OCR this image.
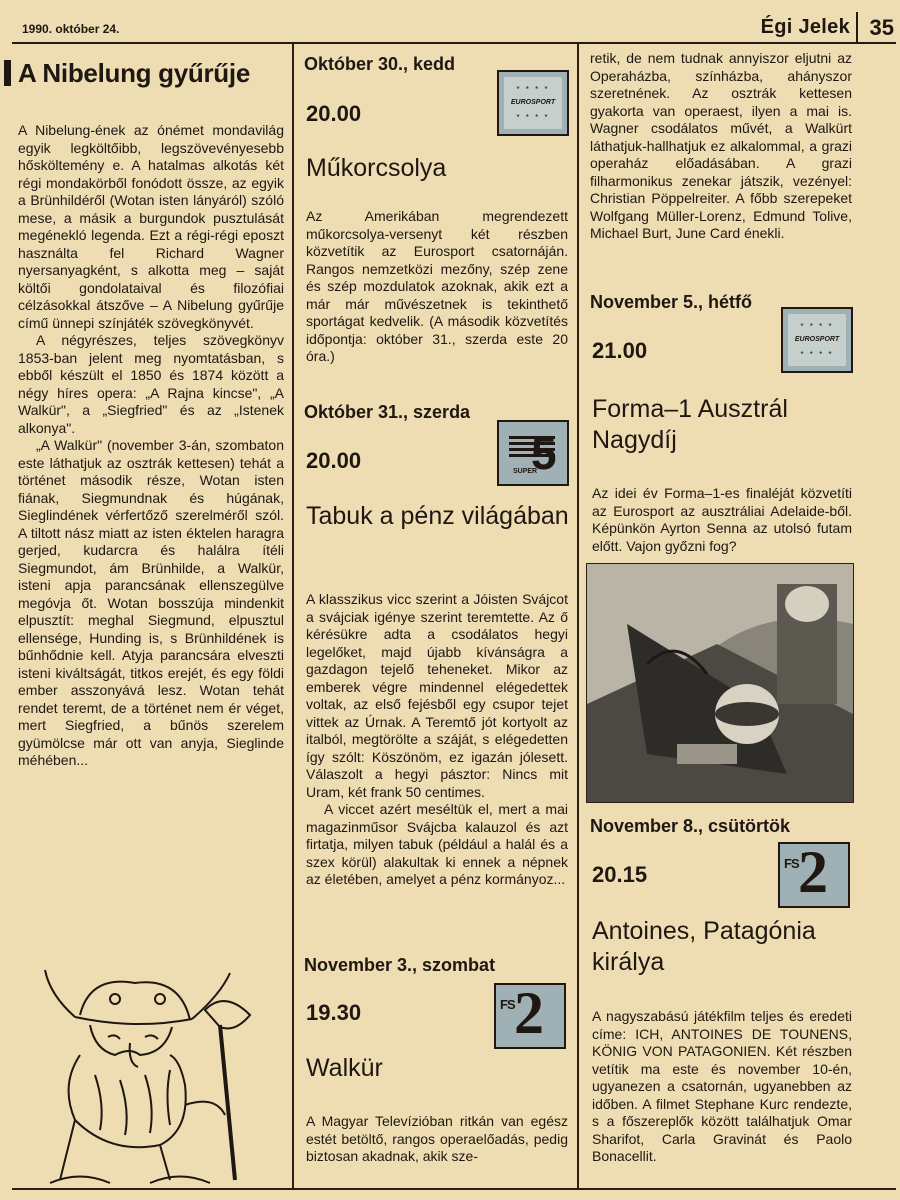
1990. október 24.	Égi Jelek 35
A Nibelung gyűrűje

A Nibelung-ének az ónémet mondavilág egyik legköltőibb, legszövevényesebb hősköltemény e. A hatalmas alkotás két régi mondakörből fonódott össze, az egyik a Brünhildéről (Wotan isten lányáról) szóló mese, a másik a burgundok pusztulását megénekló legenda. Ezt a régi-régi eposzt használta fel Richard Wagner nyersanyagként, s alkotta meg – saját költői gondolataival és filozófiai célzásokkal átszőve – A Nibelung gyűrűje című ünnepi színjáték szövegkönyvét.

A négyrészes, teljes szövegkönyv 1853-ban jelent meg nyomtatásban, s ebből készült el 1850 és 1874 között a négy híres opera: „A Rajna kincse", „A Walkür", a „Siegfried" és az „Istenek alkonya".

„A Walkür" (november 3-án, szombaton este láthatjuk az osztrák kettesen) tehát a történet második része, Wotan isten fiának, Siegmundnak és húgának, Sieglindének vérfertőző szerelméről szól. A tiltott nász miatt az isten éktelen haragra gerjed, kudarcra és halálra ítéli Siegmundot, ám Brünhilde, a Walkür, isteni apja parancsának ellenszegülve megóvja őt. Wotan bosszúja mindenkit elpusztít: meghal Siegmund, elpusztul ellensége, Hunding is, s Brünhildének is bűnhődnie kell. Atyja parancsára elveszti isteni kiváltságát, titkos erejét, és egy földi ember asszonyává lesz. Wotan tehát rendet teremt, de a történet nem ér véget, mert Siegfried, a bűnös szerelem gyümölcse már ott van anyja, Sieglinde méhében...

Október 30., kedd
20.00
Műkorcsolya
* * * *
EUROSPORT
* * * *

Az Amerikában megrendezett műkorcsolya-versenyt két részben közvetítik az Eurosport csatornáján. Rangos nemzetközi mezőny, szép zene és szép mozdulatok azoknak, akik ezt a már már művészetnek is tekinthető sportágat kedvelik. (A második közvetítés időpontja: október 31., szerda este 20 óra.)

Október 31., szerda
20.00
Tabuk a pénz világában
5
SUPER

A klasszikus vicc szerint a Jóisten Svájcot a svájciak igénye szerint teremtette. Az ő kérésükre adta a csodálatos hegyi legelőket, majd újabb kívánságra a gazdagon tejelő teheneket. Mikor az emberek végre mindennel elégedettek voltak, az első fejésből egy csupor tejet vittek az Úrnak. A Teremtő jót kortyolt az italból, megtörölte a száját, s elégedetten így szólt: Köszönöm, ez igazán jólesett. Válaszolt a hegyi pásztor: Nincs mit Uram, két frank 50 centimes.

A viccet azért meséltük el, mert a mai magazinműsor Svájcba kalauzol és azt firtatja, milyen tabuk (például a halál és a szex körül) alakultak ki ennek a népnek az életében, amelyet a pénz kormányoz...

November 3., szombat
19.30
Walkür
FS 2

A Magyar Televízióban ritkán van egész estét betöltő, rangos operaelőadás, pedig biztosan akadnak, akik sze-

retik, de nem tudnak annyiszor eljutni az Operaházba, színházba, ahányszor szeretnének. Az osztrák kettesen gyakorta van operaest, ilyen a mai is. Wagner csodálatos művét, a Walkürt láthatjuk-hallhatjuk ez alkalommal, a grazi operaház előadásában. A grazi filharmonikus zenekar játszik, vezényel: Christian Pöppelreiter. A főbb szerepeket Wolfgang Müller-Lorenz, Edmund Tolive, Michael Burt, June Card énekli.

November 5., hétfő
21.00
Forma–1 Ausztrál Nagydíj
* * * *
EUROSPORT
* * * *

Az idei év Forma–1-es finaléját közvetíti az Eurosport az ausztráliai Adelaide-ből. Képünkön Ayrton Senna az utolsó futam előtt. Vajon győzni fog?

November 8., csütörtök
20.15
Antoines, Patagónia királya
FS 2

A nagyszabású játékfilm teljes és eredeti címe: ICH, ANTOINES DE TOUNENS, KÖNIG VON PATAGONIEN. Két részben vetítik ma este és november 10-én, ugyanezen a csatornán, ugyanebben az időben. A filmet Stephane Kurc rendezte, s a főszereplők között találhatjuk Omar Sharifot, Carla Gravinát és Paolo Bonacellit.
